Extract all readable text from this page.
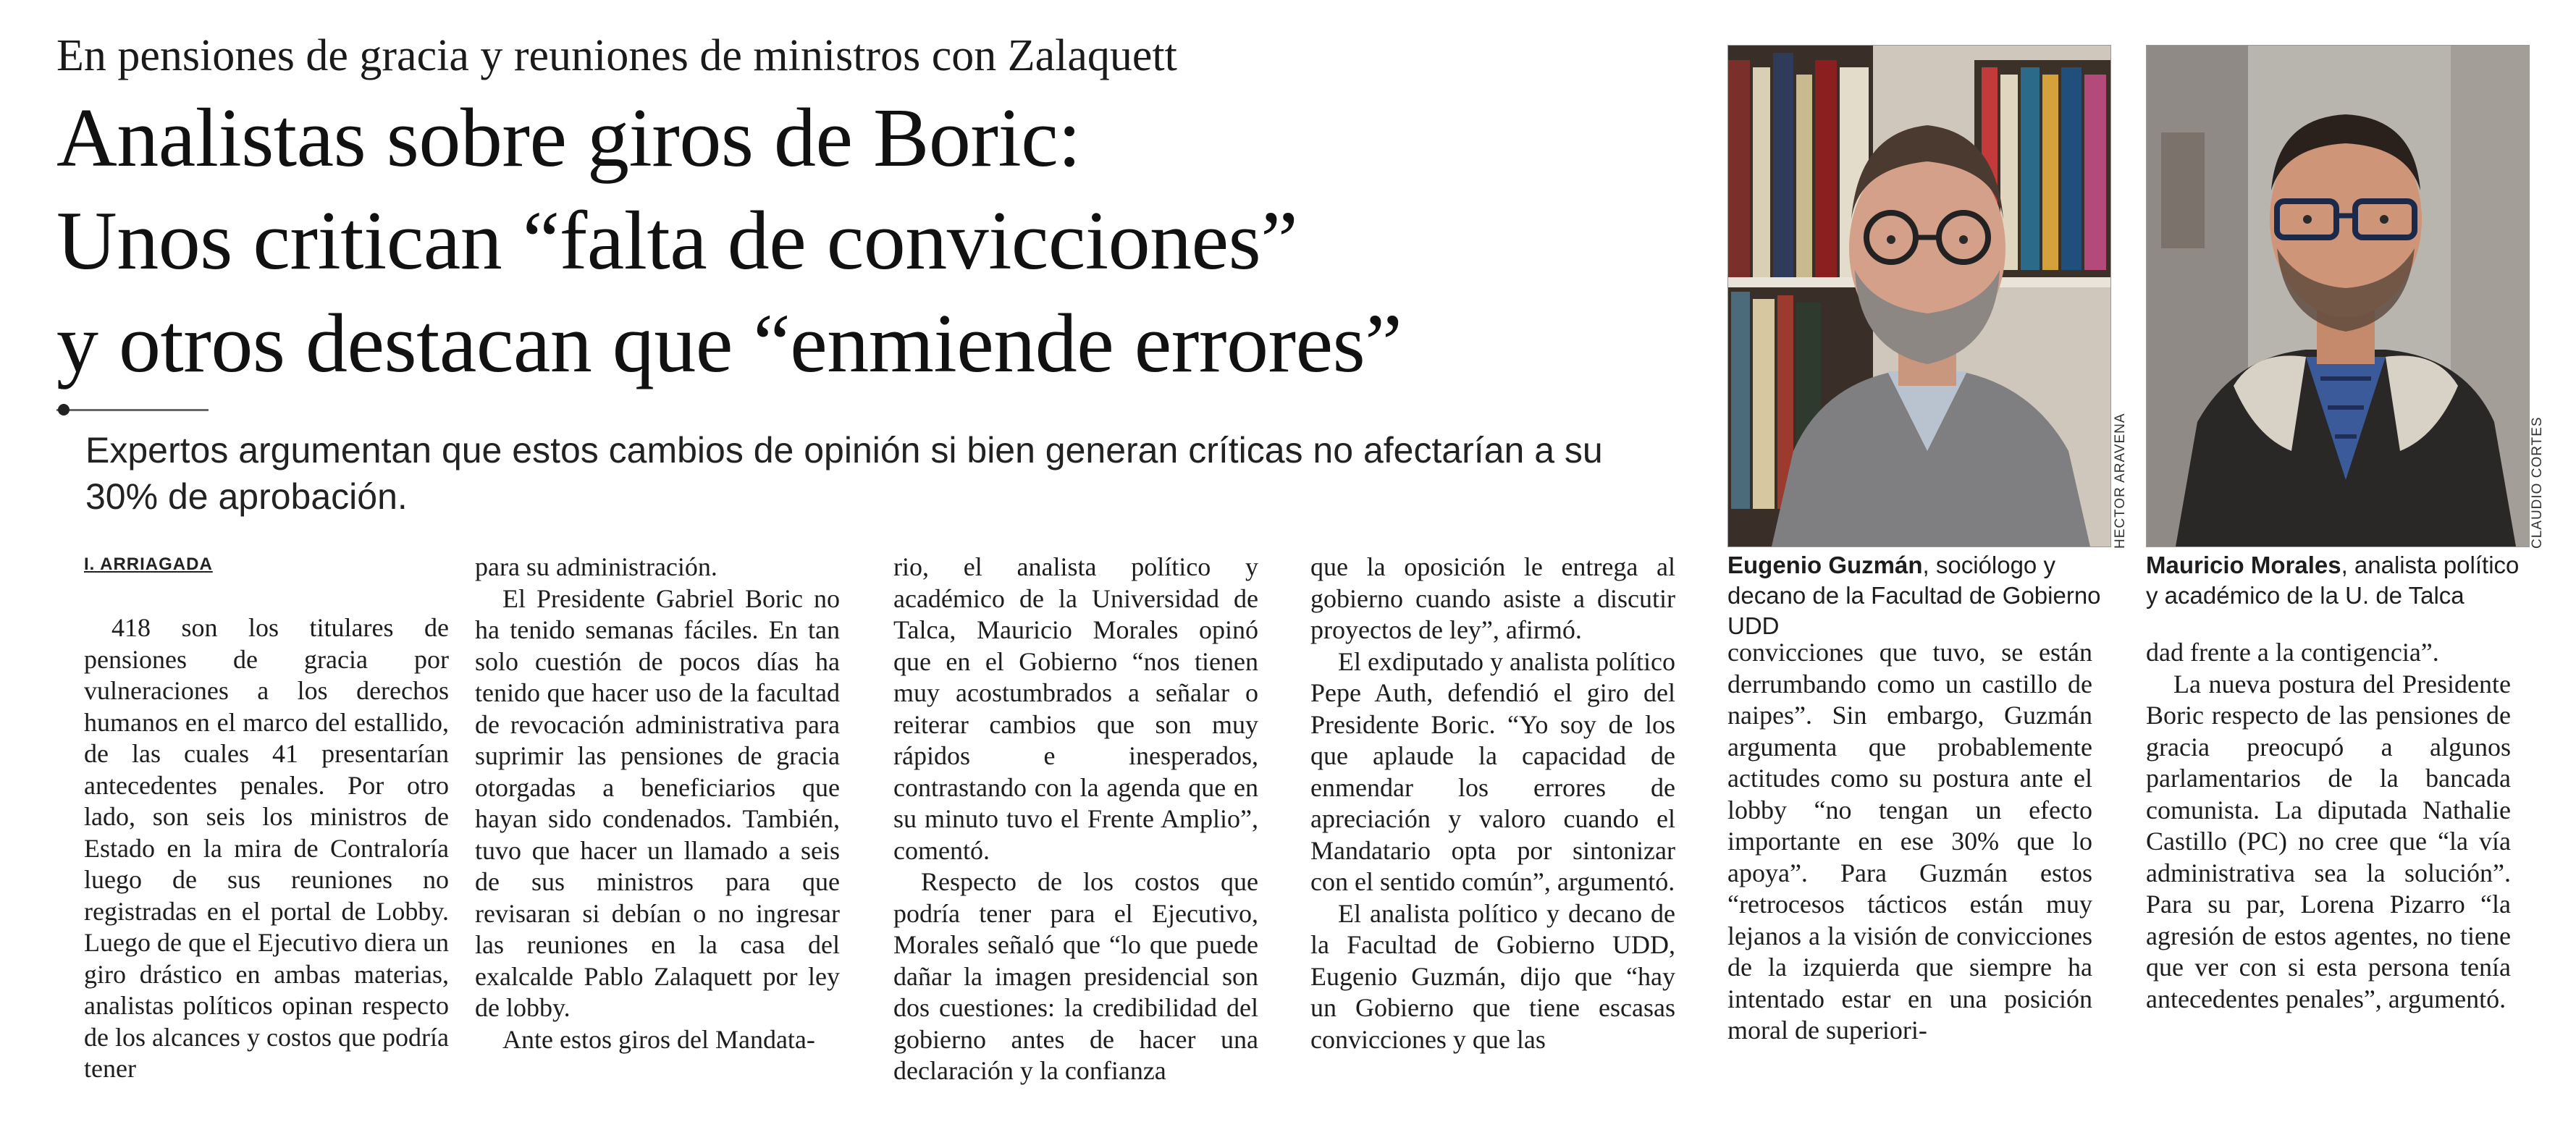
En pensiones de gracia y reuniones de ministros con Zalaquett
Analistas sobre giros de Boric:
Unos critican “falta de convicciones”
y otros destacan que “enmiende errores”
Expertos argumentan que estos cambios de opinión si bien generan críticas no afectarían a su 30% de aprobación.
I. ARRIAGADA

418 son los titulares de pensiones de gracia por vulneraciones a los derechos humanos en el marco del estallido, de las cuales 41 presentarían antecedentes penales. Por otro lado, son seis los ministros de Estado en la mira de Contraloría luego de sus reuniones no registradas en el portal de Lobby. Luego de que el Ejecutivo diera un giro drástico en ambas materias, analistas políticos opinan respecto de los alcances y costos que podría tener

para su administración.

El Presidente Gabriel Boric no ha tenido semanas fáciles. En tan solo cuestión de pocos días ha tenido que hacer uso de la facultad de revocación administrativa para suprimir las pensiones de gracia otorgadas a beneficiarios que hayan sido condenados. También, tuvo que hacer un llamado a seis de sus ministros para que revisaran si debían o no ingresar las reuniones en la casa del exalcalde Pablo Zalaquett por ley de lobby.

Ante estos giros del Mandata-

rio, el analista político y académico de la Universidad de Talca, Mauricio Morales opinó que en el Gobierno “nos tienen muy acostumbrados a señalar o reiterar cambios que son muy rápidos e inesperados, contrastando con la agenda que en su minuto tuvo el Frente Amplio”, comentó.

Respecto de los costos que podría tener para el Ejecutivo, Morales señaló que “lo que puede dañar la imagen presidencial son dos cuestiones: la credibilidad del gobierno antes de hacer una declaración y la confianza

que la oposición le entrega al gobierno cuando asiste a discutir proyectos de ley”, afirmó.

El exdiputado y analista político Pepe Auth, defendió el giro del Presidente Boric. “Yo soy de los que aplaude la capacidad de enmendar los errores de apreciación y valoro cuando el Mandatario opta por sintonizar con el sentido común”, argumentó.

El analista político y decano de la Facultad de Gobierno UDD, Eugenio Guzmán, dijo que “hay un Gobierno que tiene escasas convicciones y que las

convicciones que tuvo, se están derrumbando como un castillo de naipes”. Sin embargo, Guzmán argumenta que probablemente actitudes como su postura ante el lobby “no tengan un efecto importante en ese 30% que lo apoya”. Para Guzmán estos “retrocesos tácticos están muy lejanos a la visión de convicciones de la izquierda que siempre ha intentado estar en una posición moral de superiori-

dad frente a la contigencia”.

La nueva postura del Presidente Boric respecto de las pensiones de gracia preocupó a algunos parlamentarios de la bancada comunista. La diputada Nathalie Castillo (PC) no cree que “la vía administrativa sea la solución”. Para su par, Lorena Pizarro “la agresión de estos agentes, no tiene que ver con si esta persona tenía antecedentes penales”, argumentó.

HECTOR ARAVENA	CLAUDIO CORTES
Eugenio Guzmán, sociólogo y decano de la Facultad de Gobierno UDD
Mauricio Morales, analista político y académico de la U. de Talca
